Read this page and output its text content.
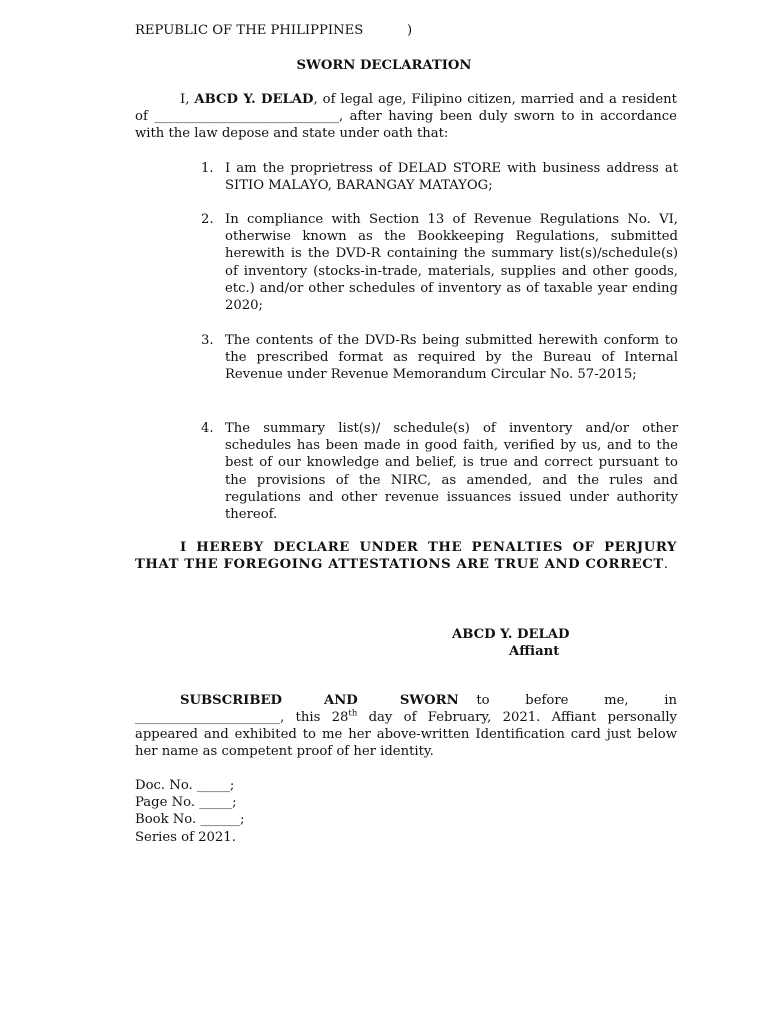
REPUBLIC OF THE PHILIPPINES	)
SWORN DECLARATION
I, ABCD Y. DELAD, of legal age, Filipino citizen, married and a resident of ____________________________, after having been duly sworn to in accordance with the law depose and state under oath that:
1. I am the proprietress of DELAD STORE with business address at SITIO MALAYO, BARANGAY MATAYOG;
2. In compliance with Section 13 of Revenue Regulations No. VI, otherwise known as the Bookkeeping Regulations, submitted herewith is the DVD-R containing the summary list(s)/schedule(s) of inventory (stocks-in-trade, materials, supplies and other goods, etc.) and/or other schedules of inventory as of taxable year ending 2020;
3. The contents of the DVD-Rs being submitted herewith conform to the prescribed format as required by the Bureau of Internal Revenue under Revenue Memorandum Circular No. 57-2015;
4. The summary list(s)/ schedule(s) of inventory and/or other schedules has been made in good faith, verified by us, and to the best of our knowledge and belief, is true and correct pursuant to the provisions of the NIRC, as amended, and the rules and regulations and other revenue issuances issued under authority thereof.
I HEREBY DECLARE UNDER THE PENALTIES OF PERJURY THAT THE FOREGOING ATTESTATIONS ARE TRUE AND CORRECT.
ABCD Y. DELAD
Affiant
SUBSCRIBED AND SWORN to before me, in
______________________, this 28th day of February, 2021. Affiant personally appeared and exhibited to me her above-written Identification card just below her name as competent proof of her identity.
Doc. No. _____;
Page No. _____;
Book No. ______;
Series of 2021.
